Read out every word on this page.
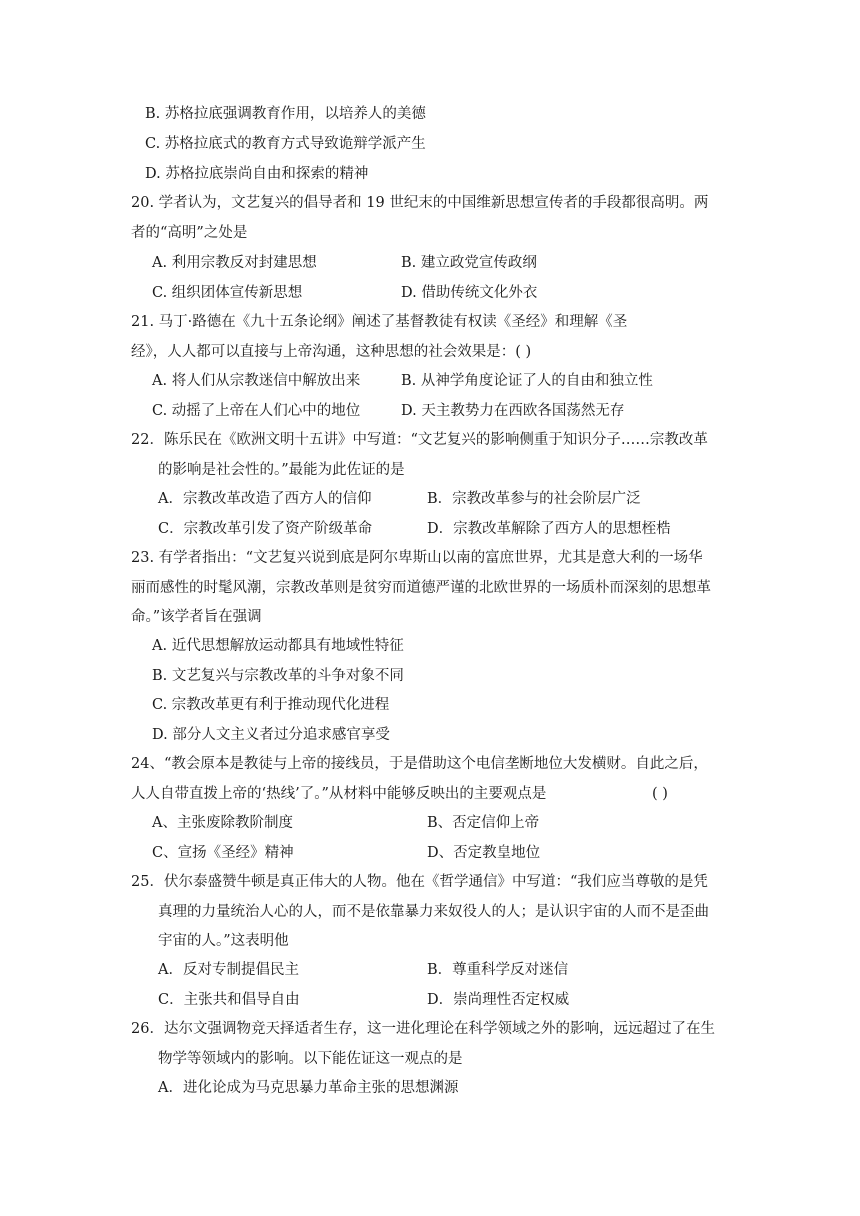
B. 苏格拉底强调教育作用，以培养人的美德
C. 苏格拉底式的教育方式导致诡辩学派产生
D. 苏格拉底崇尚自由和探索的精神
20. 学者认为，文艺复兴的倡导者和 19 世纪末的中国维新思想宣传者的手段都很高明。两
者的“高明”之处是
A. 利用宗教反对封建思想	B. 建立政党宣传政纲
C. 组织团体宣传新思想	D. 借助传统文化外衣
21. 马丁·路德在《九十五条论纲》阐述了基督教徒有权读《圣经》和理解《圣
经》，人人都可以直接与上帝沟通，这种思想的社会效果是：( )
A. 将人们从宗教迷信中解放出来	B. 从神学角度论证了人的自由和独立性
C. 动摇了上帝在人们心中的地位	D. 天主教势力在西欧各国荡然无存
22．陈乐民在《欧洲文明十五讲》中写道：“文艺复兴的影响侧重于知识分子……宗教改革
的影响是社会性的。”最能为此佐证的是
A．宗教改革改造了西方人的信仰	B．宗教改革参与的社会阶层广泛
C．宗教改革引发了资产阶级革命	D．宗教改革解除了西方人的思想桎梏
23. 有学者指出：“文艺复兴说到底是阿尔卑斯山以南的富庶世界，尤其是意大利的一场华
丽而感性的时髦风潮，宗教改革则是贫穷而道德严谨的北欧世界的一场质朴而深刻的思想革
命。”该学者旨在强调
A. 近代思想解放运动都具有地域性特征
B. 文艺复兴与宗教改革的斗争对象不同
C. 宗教改革更有利于推动现代化进程
D. 部分人文主义者过分追求感官享受
24、“教会原本是教徒与上帝的接线员，于是借助这个电信垄断地位大发横财。自此之后，
人人自带直拨上帝的‘热线’了。”从材料中能够反映出的主要观点是	( )
A、主张废除教阶制度	B、否定信仰上帝
C、宣扬《圣经》精神	D、否定教皇地位
25．伏尔泰盛赞牛顿是真正伟大的人物。他在《哲学通信》中写道：“我们应当尊敬的是凭
真理的力量统治人心的人，而不是依靠暴力来奴役人的人；是认识宇宙的人而不是歪曲
宇宙的人。”这表明他
A．反对专制提倡民主	B．尊重科学反对迷信
C．主张共和倡导自由	D．崇尚理性否定权威
26．达尔文强调物竞天择适者生存，这一进化理论在科学领域之外的影响，远远超过了在生
物学等领域内的影响。以下能佐证这一观点的是
A．进化论成为马克思暴力革命主张的思想渊源
